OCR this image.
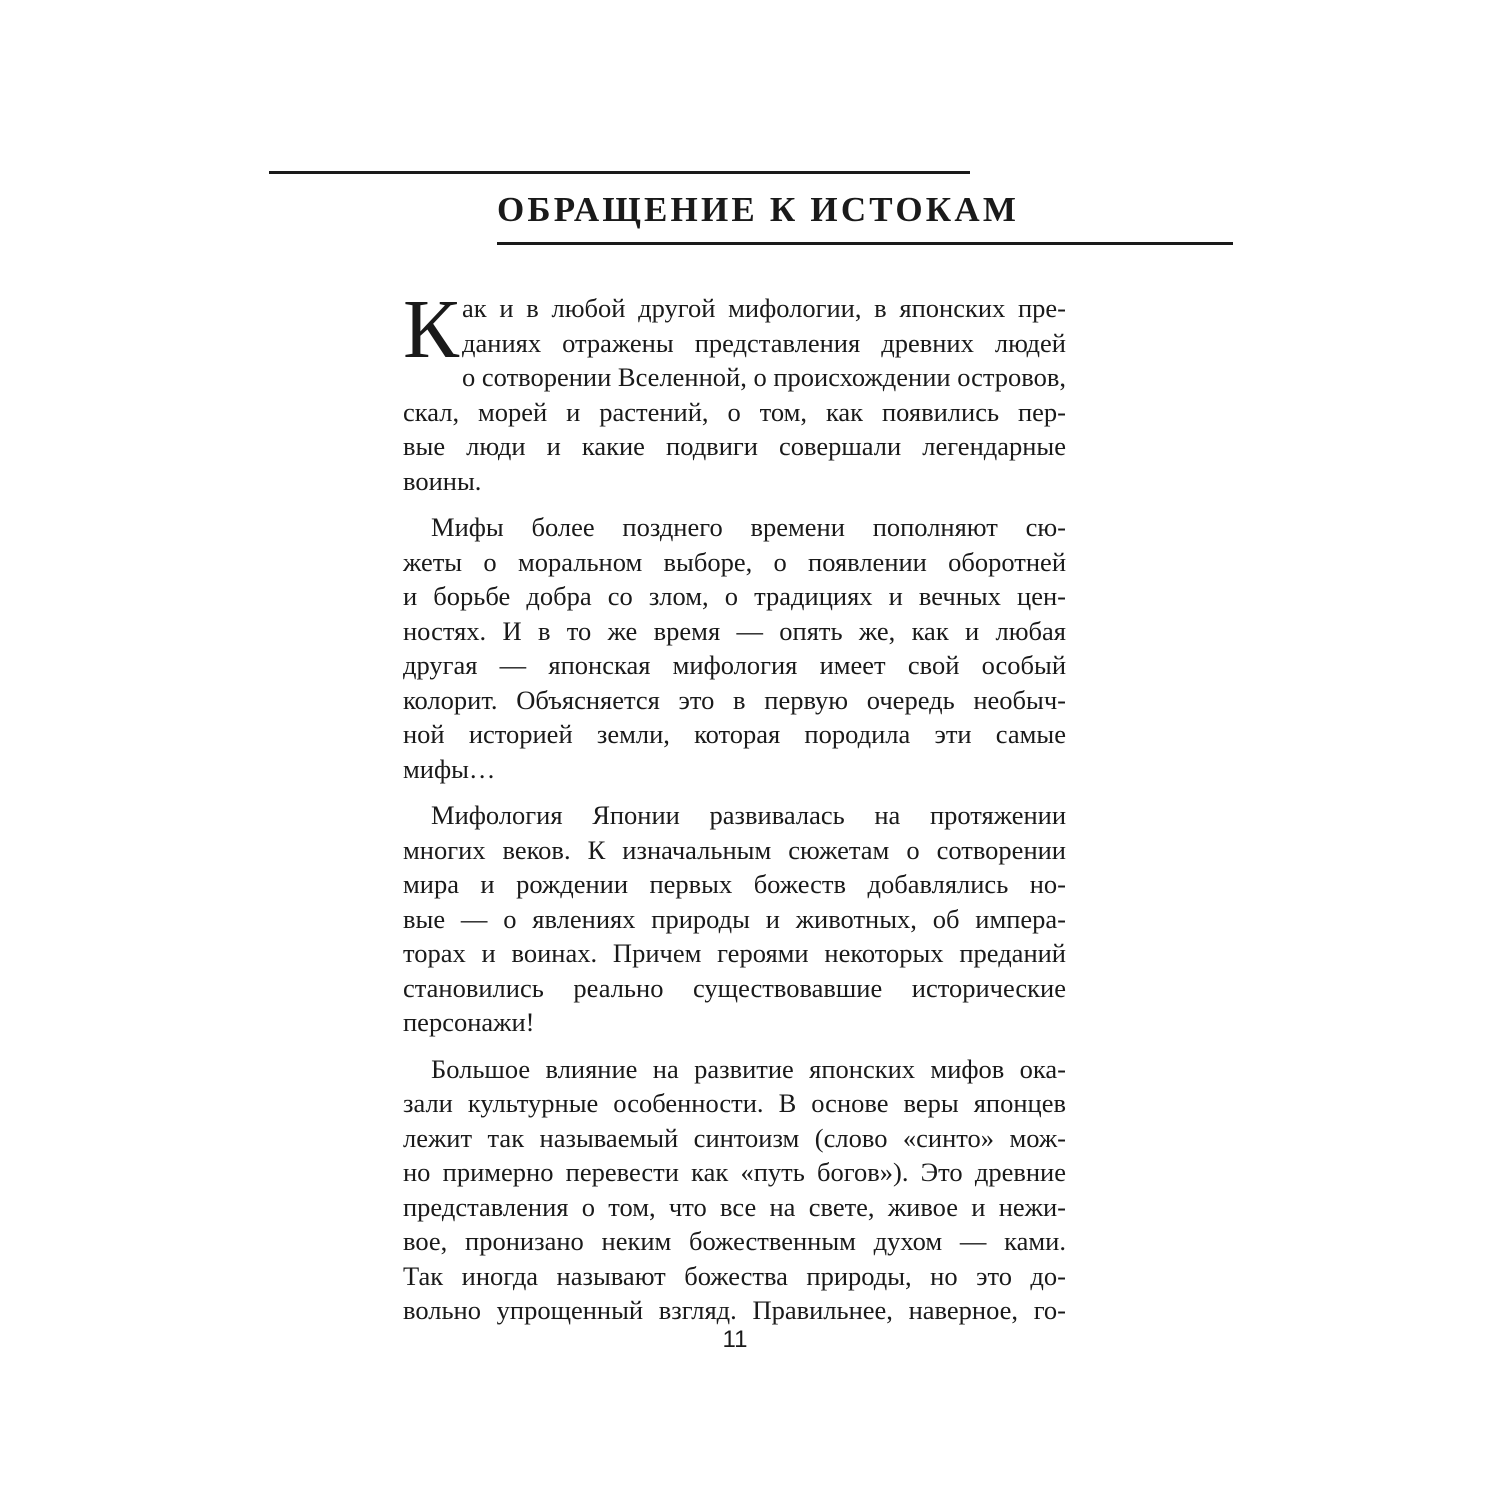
ОБРАЩЕНИЕ К ИСТОКАМ
К ак и в любой другой мифологии, в японских пре-
даниях отражены представления древних людей
о сотворении Вселенной, о происхождении островов,
скал, морей и растений, о том, как появились пер-
вые люди и какие подвиги совершали легендарные
воины.
Мифы более позднего времени пополняют сю-
жеты о моральном выборе, о появлении оборотней
и борьбе добра со злом, о традициях и вечных цен-
ностях. И в то же время — опять же, как и любая
другая — японская мифология имеет свой особый
колорит. Объясняется это в первую очередь необыч-
ной историей земли, которая породила эти самые
мифы…
Мифология Японии развивалась на протяжении
многих веков. К изначальным сюжетам о сотворении
мира и рождении первых божеств добавлялись но-
вые — о явлениях природы и животных, об импера-
торах и воинах. Причем героями некоторых преданий
становились реально существовавшие исторические
персонажи!
Большое влияние на развитие японских мифов ока-
зали культурные особенности. В основе веры японцев
лежит так называемый синтоизм (слово «синто» мож-
но примерно перевести как «путь богов»). Это древние
представления о том, что все на свете, живое и нежи-
вое, пронизано неким божественным духом — ками.
Так иногда называют божества природы, но это до-
вольно упрощенный взгляд. Правильнее, наверное, го-
11
